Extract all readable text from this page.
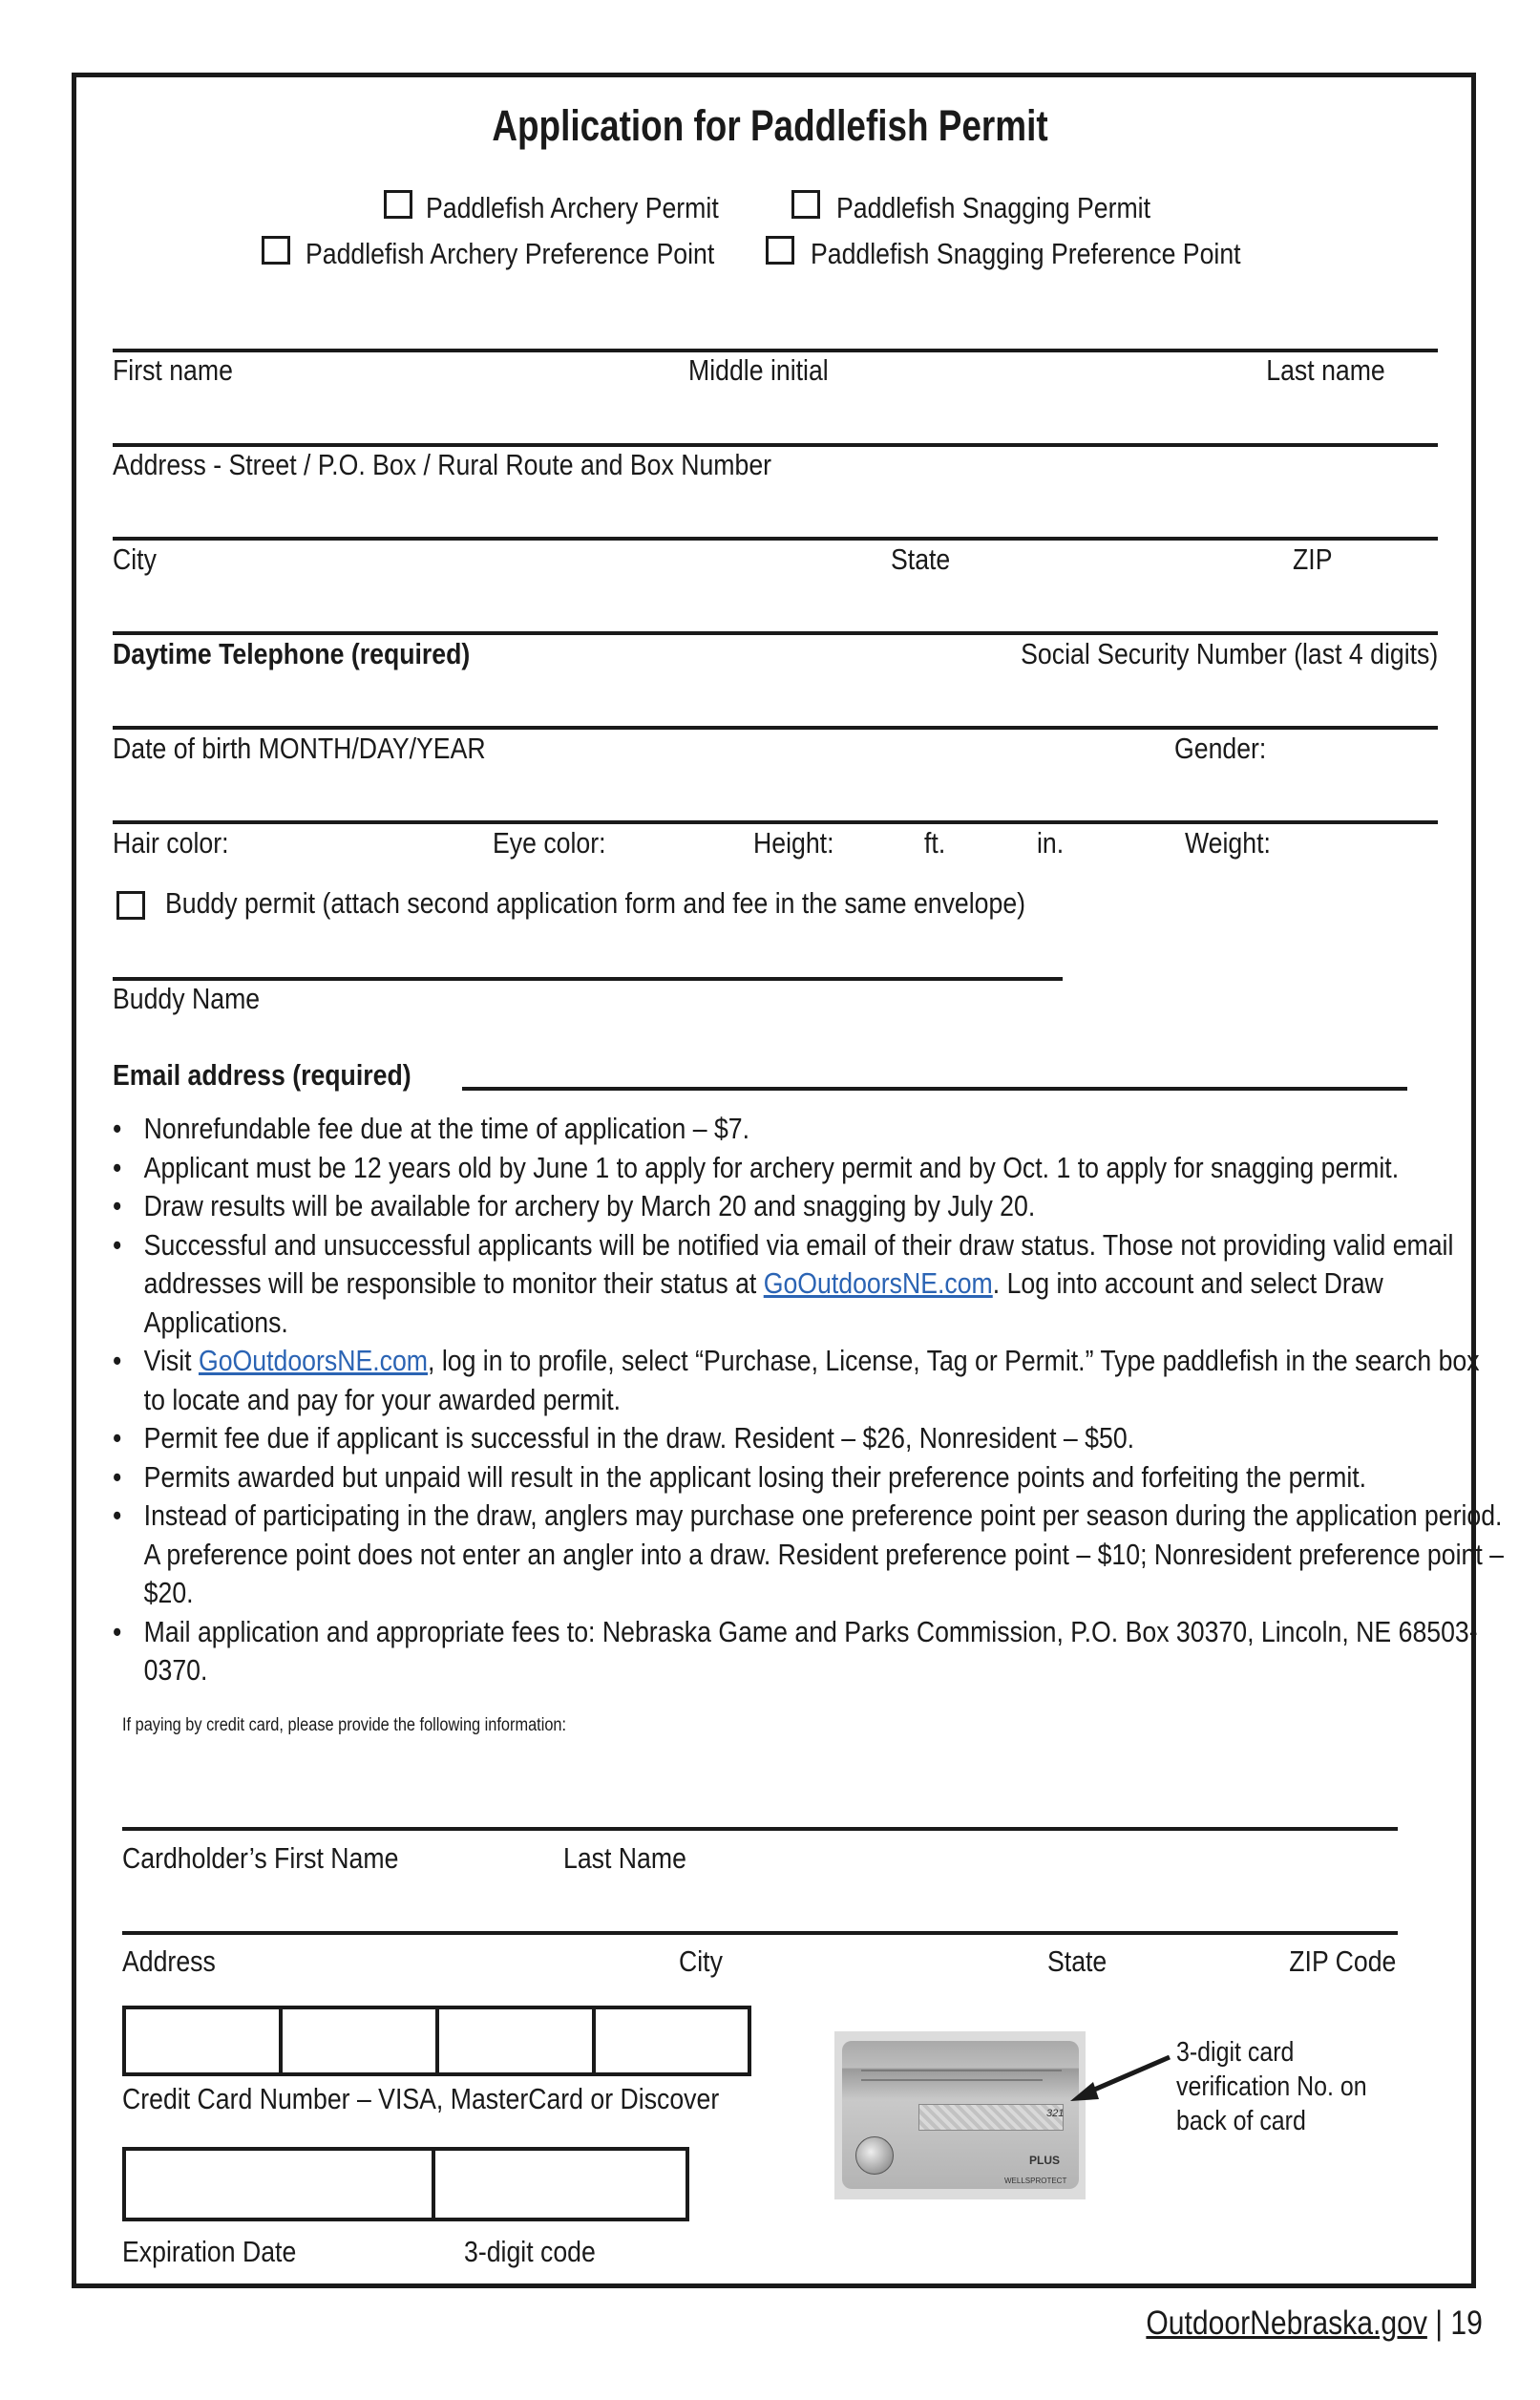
Application for Paddlefish Permit
Paddlefish Archery Permit	Paddlefish Snagging Permit
Paddlefish Archery Preference Point	Paddlefish Snagging Preference Point
First name	Middle initial	Last name
Address - Street / P.O. Box / Rural Route and Box Number
City	State	ZIP
Daytime Telephone (required)	Social Security Number (last 4 digits)
Date of birth MONTH/DAY/YEAR	Gender:
Hair color:	Eye color:	Height:	ft.	in.	Weight:
Buddy permit (attach second application form and fee in the same envelope)
Buddy Name
Email address (required)
• Nonrefundable fee due at the time of application – $7.
• Applicant must be 12 years old by June 1 to apply for archery permit and by Oct. 1 to apply for snagging permit.
• Draw results will be available for archery by March 20 and snagging by July 20.
• Successful and unsuccessful applicants will be notified via email of their draw status. Those not providing valid email addresses will be responsible to monitor their status at GoOutdoorsNE.com. Log into account and select Draw Applications.
• Visit GoOutdoorsNE.com, log in to profile, select “Purchase, License, Tag or Permit.” Type paddlefish in the search box to locate and pay for your awarded permit.
• Permit fee due if applicant is successful in the draw. Resident – $26, Nonresident – $50.
• Permits awarded but unpaid will result in the applicant losing their preference points and forfeiting the permit.
• Instead of participating in the draw, anglers may purchase one preference point per season during the application period. A preference point does not enter an angler into a draw. Resident preference point – $10; Nonresident preference point – $20.
• Mail application and appropriate fees to: Nebraska Game and Parks Commission, P.O. Box 30370, Lincoln, NE 68503-0370.
If paying by credit card, please provide the following information:
Cardholder’s First Name	Last Name
Address	City	State	ZIP Code
Credit Card Number – VISA, MasterCard or Discover
Expiration Date	3-digit code
321
PLUS
WELLSPROTECT
3-digit card verification No. on back of card
OutdoorNebraska.gov | 19
